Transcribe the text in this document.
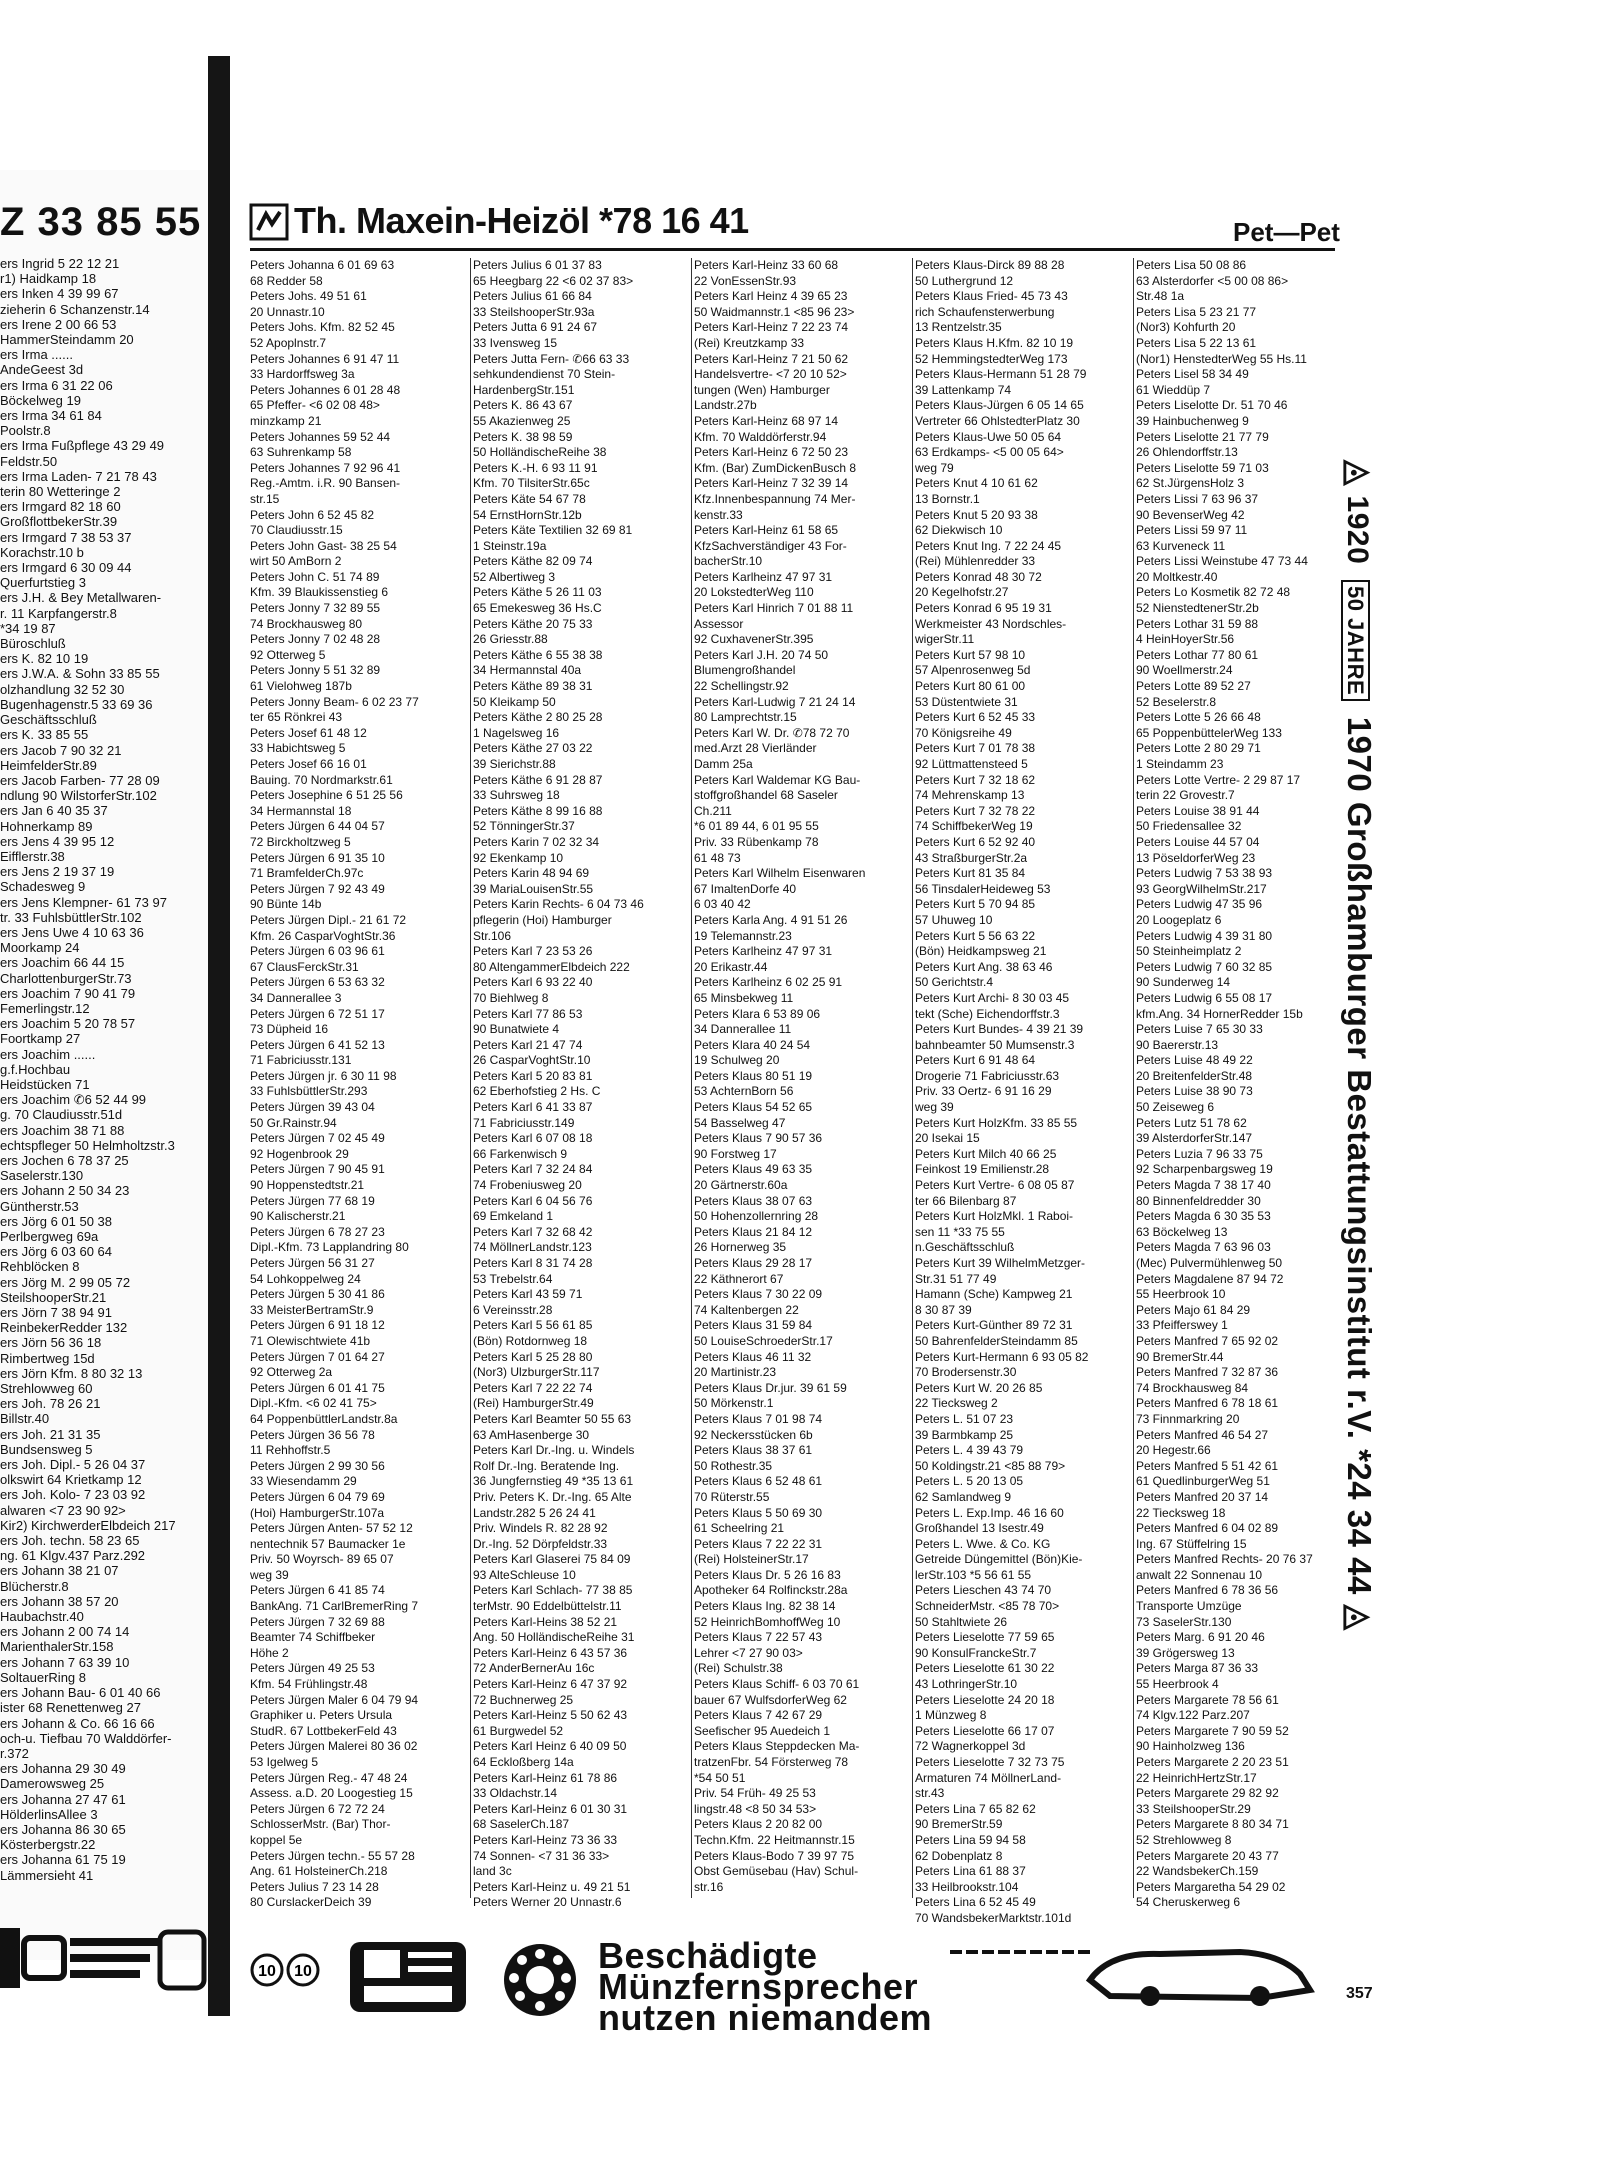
Z 33 85 55
ers Ingrid 5 22 12 21
r1) Haidkamp 18
ers Inken 4 39 99 67
zieherin 6 Schanzenstr.14
ers Irene 2 00 66 53
HammerSteindamm 20
ers Irma ......
AndeGeest 3d
ers Irma 6 31 22 06
Böckelweg 19
ers Irma 34 61 84
Poolstr.8
ers Irma Fußpflege 43 29 49
Feldstr.50
ers Irma Laden- 7 21 78 43
terin 80 Wetteringe 2
ers Irmgard 82 18 60
GroßflottbekerStr.39
ers Irmgard 7 38 53 37
Korachstr.10 b
ers Irmgard 6 30 09 44
Querfurtstieg 3
ers J.H. & Bey Metallwaren-
r. 11 Karpfangerstr.8
*34 19 87
Büroschluß
ers K. 82 10 19
ers J.W.A. & Sohn 33 85 55
olzhandlung 32 52 30
Bugenhagenstr.5 33 69 36
Geschäftsschluß
ers K. 33 85 55
ers Jacob 7 90 32 21
HeimfelderStr.89
ers Jacob Farben- 77 28 09
ndlung 90 WilstorferStr.102
ers Jan 6 40 35 37
Hohnerkamp 89
ers Jens 4 39 95 12
Eifflerstr.38
ers Jens 2 19 37 19
Schadesweg 9
ers Jens Klempner- 61 73 97
tr. 33 FuhlsbüttlerStr.102
ers Jens Uwe 4 10 63 36
Moorkamp 24
ers Joachim 66 44 15
CharlottenburgerStr.73
ers Joachim 7 90 41 79
Femerlingstr.12
ers Joachim 5 20 78 57
Foortkamp 27
ers Joachim ......
g.f.Hochbau
Heidstücken 71
ers Joachim ✆6 52 44 99
g. 70 Claudiusstr.51d
ers Joachim 38 71 88
echtspfleger 50 Helmholtzstr.3
ers Jochen 6 78 37 25
Saselerstr.130
ers Johann 2 50 34 23
Güntherstr.53
ers Jörg 6 01 50 38
Perlbergweg 69a
ers Jörg 6 03 60 64
Rehblöcken 8
ers Jörg M. 2 99 05 72
SteilshooperStr.21
ers Jörn 7 38 94 91
ReinbekerRedder 132
ers Jörn 56 36 18
Rimbertweg 15d
ers Jörn Kfm. 8 80 32 13
Strehlowweg 60
ers Joh. 78 26 21
Billstr.40
ers Joh. 21 31 35
Bundsensweg 5
ers Joh. Dipl.- 5 26 04 37
olkswirt 64 Krietkamp 12
ers Joh. Kolo- 7 23 03 92
alwaren <7 23 90 92>
Kir2) KirchwerderElbdeich 217
ers Joh. techn. 58 23 65
ng. 61 Klgv.437 Parz.292
ers Johann 38 21 07
Blücherstr.8
ers Johann 38 57 20
Haubachstr.40
ers Johann 2 00 74 14
MarienthalerStr.158
ers Johann 7 63 39 10
SoltauerRing 8
ers Johann Bau- 6 01 40 66
ister 68 Renettenweg 27
ers Johann & Co. 66 16 66
och-u. Tiefbau 70 Walddörfer-
r.372
ers Johanna 29 30 49
Damerowsweg 25
ers Johanna 27 47 61
HölderlinsAllee 3
ers Johanna 86 30 65
Kösterbergstr.22
ers Johanna 61 75 19
Lämmersieht 41
Th. Maxein-Heizöl *78 16 41	Pet—Pet
Peters Johanna 6 01 69 63
68 Redder 58
Peters Johs. 49 51 61
20 Unnastr.10
Peters Johs. Kfm. 82 52 45
52 Apoplnstr.7
Peters Johannes 6 91 47 11
33 Hardorffsweg 3a
Peters Johannes 6 01 28 48
65 Pfeffer- <6 02 08 48>
minzkamp 21
Peters Johannes 59 52 44
63 Suhrenkamp 58
Peters Johannes 7 92 96 41
Reg.-Amtm. i.R. 90 Bansen-
str.15
Peters John 6 52 45 82
70 Claudiusstr.15
Peters John Gast- 38 25 54
wirt 50 AmBorn 2
Peters John C. 51 74 89
Kfm. 39 Blaukissenstieg 6
Peters Jonny 7 32 89 55
74 Brockhausweg 80
Peters Jonny 7 02 48 28
92 Otterweg 5
Peters Jonny 5 51 32 89
61 Vielohweg 187b
Peters Jonny Beam- 6 02 23 77
ter 65 Rönkrei 43
Peters Josef 61 48 12
33 Habichtsweg 5
Peters Josef 66 16 01
Bauing. 70 Nordmarkstr.61
Peters Josephine 6 51 25 56
34 Hermannstal 18
Peters Jürgen 6 44 04 57
72 Birckholtzweg 5
Peters Jürgen 6 91 35 10
71 BramfelderCh.97c
Peters Jürgen 7 92 43 49
90 Bünte 14b
Peters Jürgen Dipl.- 21 61 72
Kfm. 26 CasparVoghtStr.36
Peters Jürgen 6 03 96 61
67 ClausFerckStr.31
Peters Jürgen 6 53 63 32
34 Dannerallee 3
Peters Jürgen 6 72 51 17
73 Düpheid 16
Peters Jürgen 6 41 52 13
71 Fabriciusstr.131
Peters Jürgen jr. 6 30 11 98
33 FuhlsbüttlerStr.293
Peters Jürgen 39 43 04
50 Gr.Rainstr.94
Peters Jürgen 7 02 45 49
92 Hogenbrook 29
Peters Jürgen 7 90 45 91
90 Hoppenstedtstr.21
Peters Jürgen 77 68 19
90 Kalischerstr.21
Peters Jürgen 6 78 27 23
Dipl.-Kfm. 73 Lapplandring 80
Peters Jürgen 56 31 27
54 Lohkoppelweg 24
Peters Jürgen 5 30 41 86
33 MeisterBertramStr.9
Peters Jürgen 6 91 18 12
71 Olewischtwiete 41b
Peters Jürgen 7 01 64 27
92 Otterweg 2a
Peters Jürgen 6 01 41 75
Dipl.-Kfm. <6 02 41 75>
64 PoppenbüttlerLandstr.8a
Peters Jürgen 36 56 78
11 Rehhoffstr.5
Peters Jürgen 2 99 30 56
33 Wiesendamm 29
Peters Jürgen 6 04 79 69
(Hoi) HamburgerStr.107a
Peters Jürgen Anten- 57 52 12
nentechnik 57 Baumacker 1e
Priv. 50 Woyrsch- 89 65 07
weg 39
Peters Jürgen 6 41 85 74
BankAng. 71 CarlBremerRing 7
Peters Jürgen 7 32 69 88
Beamter 74 Schiffbeker
Höhe 2
Peters Jürgen 49 25 53
Kfm. 54 Frühlingstr.48
Peters Jürgen Maler 6 04 79 94
Graphiker u. Peters Ursula
StudR. 67 LottbekerFeld 43
Peters Jürgen Malerei 80 36 02
53 Igelweg 5
Peters Jürgen Reg.- 47 48 24
Assess. a.D. 20 Loogestieg 15
Peters Jürgen 6 72 72 24
SchlosserMstr. (Bar) Thor-
koppel 5e
Peters Jürgen techn.- 55 57 28
Ang. 61 HolsteinerCh.218
Peters Julius 7 23 14 28
80 CurslackerDeich 39
Peters Julius 6 01 37 83
65 Heegbarg 22 <6 02 37 83>
Peters Julius 61 66 84
33 SteilshooperStr.93a
Peters Jutta 6 91 24 67
33 Ivensweg 15
Peters Jutta Fern- ✆66 63 33
sehkundendienst 70 Stein-
HardenbergStr.151
Peters K. 86 43 67
55 Akazienweg 25
Peters K. 38 98 59
50 HolländischeReihe 38
Peters K.-H. 6 93 11 91
Kfm. 70 TilsiterStr.65c
Peters Käte 54 67 78
54 ErnstHornStr.12b
Peters Käte Textilien 32 69 81
1 Steinstr.19a
Peters Käthe 82 09 74
52 Albertiweg 3
Peters Käthe 5 26 11 03
65 Emekesweg 36 Hs.C
Peters Käthe 20 75 33
26 Griesstr.88
Peters Käthe 6 55 38 38
34 Hermannstal 40a
Peters Käthe 89 38 31
50 Kleikamp 50
Peters Käthe 2 80 25 28
1 Nagelsweg 16
Peters Käthe 27 03 22
39 Sierichstr.88
Peters Käthe 6 91 28 87
33 Suhrsweg 18
Peters Käthe 8 99 16 88
52 TönningerStr.37
Peters Karin 7 02 32 34
92 Ekenkamp 10
Peters Karin 48 94 69
39 MariaLouisenStr.55
Peters Karin Rechts- 6 04 73 46
pflegerin (Hoi) Hamburger
Str.106
Peters Karl 7 23 53 26
80 AltengammerElbdeich 222
Peters Karl 6 93 22 40
70 Biehlweg 8
Peters Karl 77 86 53
90 Bunatwiete 4
Peters Karl 21 47 74
26 CasparVoghtStr.10
Peters Karl 5 20 83 81
62 Eberhofstieg 2 Hs. C
Peters Karl 6 41 33 87
71 Fabriciusstr.149
Peters Karl 6 07 08 18
66 Farkenwisch 9
Peters Karl 7 32 24 84
74 Frobeniusweg 20
Peters Karl 6 04 56 76
69 Emkeland 1
Peters Karl 7 32 68 42
74 MöllnerLandstr.123
Peters Karl 8 31 74 28
53 Trebelstr.64
Peters Karl 43 59 71
6 Vereinsstr.28
Peters Karl 5 56 61 85
(Bön) Rotdornweg 18
Peters Karl 5 25 28 80
(Nor3) UlzburgerStr.117
Peters Karl 7 22 22 74
(Rei) HamburgerStr.49
Peters Karl Beamter 50 55 63
63 AmHasenberge 30
Peters Karl Dr.-Ing. u. Windels
Rolf Dr.-Ing. Beratende Ing.
36 Jungfernstieg 49 *35 13 61
Priv. Peters K. Dr.-Ing. 65 Alte
Landstr.282 5 26 24 41
Priv. Windels R. 82 28 92
Dr.-Ing. 52 Dörpfeldstr.33
Peters Karl Glaserei 75 84 09
93 AlteSchleuse 10
Peters Karl Schlach- 77 38 85
terMstr. 90 Eddelbüttelstr.11
Peters Karl-Heins 38 52 21
Ang. 50 HolländischeReihe 31
Peters Karl-Heinz 6 43 57 36
72 AnderBernerAu 16c
Peters Karl-Heinz 6 47 37 92
72 Buchnerweg 25
Peters Karl-Heinz 5 50 62 43
61 Burgwedel 52
Peters Karl Heinz 6 40 09 50
64 Eckloßberg 14a
Peters Karl-Heinz 61 78 86
33 Oldachstr.14
Peters Karl-Heinz 6 01 30 31
68 SaselerCh.187
Peters Karl-Heinz 73 36 33
74 Sonnen- <7 31 36 33>
land 3c
Peters Karl-Heinz u. 49 21 51
Peters Werner 20 Unnastr.6
Peters Karl-Heinz 33 60 68
22 VonEssenStr.93
Peters Karl Heinz 4 39 65 23
50 Waidmannstr.1 <85 96 23>
Peters Karl-Heinz 7 22 23 74
(Rei) Kreutzkamp 33
Peters Karl-Heinz 7 21 50 62
Handelsvertre- <7 20 10 52>
tungen (Wen) Hamburger
Landstr.27b
Peters Karl-Heinz 68 97 14
Kfm. 70 Walddörferstr.94
Peters Karl-Heinz 6 72 50 23
Kfm. (Bar) ZumDickenBusch 8
Peters Karl-Heinz 7 32 39 14
Kfz.Innenbespannung 74 Mer-
kenstr.33
Peters Karl-Heinz 61 58 65
KfzSachverständiger 43 For-
bacherStr.10
Peters Karlheinz 47 97 31
20 LokstedterWeg 110
Peters Karl Hinrich 7 01 88 11
Assessor
92 CuxhavenerStr.395
Peters Karl J.H. 20 74 50
Blumengroßhandel
22 Schellingstr.92
Peters Karl-Ludwig 7 21 24 14
80 Lamprechtstr.15
Peters Karl W. Dr. ✆78 72 70
med.Arzt 28 Vierländer
Damm 25a
Peters Karl Waldemar KG Bau-
stoffgroßhandel 68 Saseler
Ch.211
*6 01 89 44, 6 01 95 55
Priv. 33 Rübenkamp 78
61 48 73
Peters Karl Wilhelm Eisenwaren
67 ImaltenDorfe 40
6 03 40 42
Peters Karla Ang. 4 91 51 26
19 Telemannstr.23
Peters Karlheinz 47 97 31
20 Erikastr.44
Peters Karlheinz 6 02 25 91
65 Minsbekweg 11
Peters Klara 6 53 89 06
34 Dannerallee 11
Peters Klara 40 24 54
19 Schulweg 20
Peters Klaus 80 51 19
53 AchternBorn 56
Peters Klaus 54 52 65
54 Basselweg 47
Peters Klaus 7 90 57 36
90 Forstweg 17
Peters Klaus 49 63 35
20 Gärtnerstr.60a
Peters Klaus 38 07 63
50 Hohenzollernring 28
Peters Klaus 21 84 12
26 Hornerweg 35
Peters Klaus 29 28 17
22 Käthnerort 67
Peters Klaus 7 30 22 09
74 Kaltenbergen 22
Peters Klaus 31 59 84
50 LouiseSchroederStr.17
Peters Klaus 46 11 32
20 Martinistr.23
Peters Klaus Dr.jur. 39 61 59
50 Mörkenstr.1
Peters Klaus 7 01 98 74
92 Neckersstücken 6b
Peters Klaus 38 37 61
50 Rothestr.35
Peters Klaus 6 52 48 61
70 Rüterstr.55
Peters Klaus 5 50 69 30
61 Scheelring 21
Peters Klaus 7 22 22 31
(Rei) HolsteinerStr.17
Peters Klaus Dr. 5 26 16 83
Apotheker 64 Rolfinckstr.28a
Peters Klaus Ing. 82 38 14
52 HeinrichBomhoffWeg 10
Peters Klaus 7 22 57 43
Lehrer <7 27 90 03>
(Rei) Schulstr.38
Peters Klaus Schiff- 6 03 70 61
bauer 67 WulfsdorferWeg 62
Peters Klaus 7 42 67 29
Seefischer 95 Auedeich 1
Peters Klaus Steppdecken Ma-
tratzenFbr. 54 Försterweg 78
*54 50 51
Priv. 54 Früh- 49 25 53
lingstr.48 <8 50 34 53>
Peters Klaus 2 20 82 00
Techn.Kfm. 22 Heitmannstr.15
Peters Klaus-Bodo 7 39 97 75
Obst Gemüsebau (Hav) Schul-
str.16
Peters Klaus-Dirck 89 88 28
50 Luthergrund 12
Peters Klaus Fried- 45 73 43
rich Schaufensterwerbung
13 Rentzelstr.35
Peters Klaus H.Kfm. 82 10 19
52 HemmingstedterWeg 173
Peters Klaus-Hermann 51 28 79
39 Lattenkamp 74
Peters Klaus-Jürgen 6 05 14 65
Vertreter 66 OhlstedterPlatz 30
Peters Klaus-Uwe 50 05 64
63 Erdkamps- <5 00 05 64>
weg 79
Peters Knut 4 10 61 62
13 Bornstr.1
Peters Knut 5 20 93 38
62 Diekwisch 10
Peters Knut Ing. 7 22 24 45
(Rei) Mühlenredder 33
Peters Konrad 48 30 72
20 Kegelhofstr.27
Peters Konrad 6 95 19 31
Werkmeister 43 Nordschles-
wigerStr.11
Peters Kurt 57 98 10
57 Alpenrosenweg 5d
Peters Kurt 80 61 00
53 Düstentwiete 31
Peters Kurt 6 52 45 33
70 Königsreihe 49
Peters Kurt 7 01 78 38
92 Lüttmattensteed 5
Peters Kurt 7 32 18 62
74 Mehrenskamp 13
Peters Kurt 7 32 78 22
74 SchiffbekerWeg 19
Peters Kurt 6 52 92 40
43 StraßburgerStr.2a
Peters Kurt 81 35 84
56 TinsdalerHeideweg 53
Peters Kurt 5 70 94 85
57 Uhuweg 10
Peters Kurt 5 56 63 22
(Bön) Heidkampsweg 21
Peters Kurt Ang. 38 63 46
50 Gerichtstr.4
Peters Kurt Archi- 8 30 03 45
tekt (Sche) Eichendorffstr.3
Peters Kurt Bundes- 4 39 21 39
bahnbeamter 50 Mumsenstr.3
Peters Kurt 6 91 48 64
Drogerie 71 Fabriciusstr.63
Priv. 33 Oertz- 6 91 16 29
weg 39
Peters Kurt HolzKfm. 33 85 55
20 Isekai 15
Peters Kurt Milch 40 66 25
Feinkost 19 Emilienstr.28
Peters Kurt Vertre- 6 08 05 87
ter 66 Bilenbarg 87
Peters Kurt HolzMkl. 1 Raboi-
sen 11 *33 75 55
n.Geschäftsschluß
Peters Kurt 39 WilhelmMetzger-
Str.31 51 77 49
Hamann (Sche) Kampweg 21
8 30 87 39
Peters Kurt-Günther 89 72 31
50 BahrenfelderSteindamm 85
Peters Kurt-Hermann 6 93 05 82
70 Brodersenstr.30
Peters Kurt W. 20 26 85
22 Tiecksweg 2
Peters L. 51 07 23
39 Barmbkamp 25
Peters L. 4 39 43 79
50 Koldingstr.21 <85 88 79>
Peters L. 5 20 13 05
62 Samlandweg 9
Peters L. Exp.Imp. 46 16 60
Großhandel 13 Isestr.49
Peters L. Wwe. & Co. KG
Getreide Düngemittel (Bön)Kie-
lerStr.103 *5 56 61 55
Peters Lieschen 43 74 70
SchneiderMstr. <85 78 70>
50 Stahltwiete 26
Peters Lieselotte 77 59 65
90 KonsulFranckeStr.7
Peters Lieselotte 61 30 22
43 LothringerStr.10
Peters Lieselotte 24 20 18
1 Münzweg 8
Peters Lieselotte 66 17 07
72 Wagnerkoppel 3d
Peters Lieselotte 7 32 73 75
Armaturen 74 MöllnerLand-
str.43
Peters Lina 7 65 82 62
90 BremerStr.59
Peters Lina 59 94 58
62 Dobenplatz 8
Peters Lina 61 88 37
33 Heilbrookstr.104
Peters Lina 6 52 45 49
70 WandsbekerMarktstr.101d
Peters Lisa 50 08 86
63 Alsterdorfer <5 00 08 86>
Str.48 1a
Peters Lisa 5 23 21 77
(Nor3) Kohfurth 20
Peters Lisa 5 22 13 61
(Nor1) HenstedterWeg 55 Hs.11
Peters Lisel 58 34 49
61 Wieddüp 7
Peters Liselotte Dr. 51 70 46
39 Hainbuchenweg 9
Peters Liselotte 21 77 79
26 Ohlendorffstr.13
Peters Liselotte 59 71 03
62 St.JürgensHolz 3
Peters Lissi 7 63 96 37
90 BevenserWeg 42
Peters Lissi 59 97 11
63 Kurveneck 11
Peters Lissi Weinstube 47 73 44
20 Moltkestr.40
Peters Lo Kosmetik 82 72 48
52 NienstedtenerStr.2b
Peters Lothar 31 59 88
4 HeinHoyerStr.56
Peters Lothar 77 80 61
90 Woellmerstr.24
Peters Lotte 89 52 27
52 Beselerstr.8
Peters Lotte 5 26 66 48
65 PoppenbüttelerWeg 133
Peters Lotte 2 80 29 71
1 Steindamm 23
Peters Lotte Vertre- 2 29 87 17
terin 22 Grovestr.7
Peters Louise 38 91 44
50 Friedensallee 32
Peters Louise 44 57 04
13 PöseldorferWeg 23
Peters Ludwig 7 53 38 93
93 GeorgWilhelmStr.217
Peters Ludwig 47 35 96
20 Loogeplatz 6
Peters Ludwig 4 39 31 80
50 Steinheimplatz 2
Peters Ludwig 7 60 32 85
90 Sunderweg 14
Peters Ludwig 6 55 08 17
kfm.Ang. 34 HornerRedder 15b
Peters Luise 7 65 30 33
90 Baererstr.13
Peters Luise 48 49 22
20 BreitenfelderStr.48
Peters Luise 38 90 73
50 Zeiseweg 6
Peters Lutz 51 78 62
39 AlsterdorferStr.147
Peters Luzia 7 96 33 75
92 Scharpenbargsweg 19
Peters Magda 7 38 17 40
80 Binnenfeldredder 30
Peters Magda 6 30 35 53
63 Böckelweg 13
Peters Magda 7 63 96 03
(Mec) Pulvermühlenweg 50
Peters Magdalene 87 94 72
55 Heerbrook 10
Peters Majo 61 84 29
33 Pfeifferswey 1
Peters Manfred 7 65 92 02
90 BremerStr.44
Peters Manfred 7 32 87 36
74 Brockhausweg 84
Peters Manfred 6 78 18 61
73 Finnmarkring 20
Peters Manfred 46 54 27
20 Hegestr.66
Peters Manfred 5 51 42 61
61 QuedlinburgerWeg 51
Peters Manfred 20 37 14
22 Tiecksweg 18
Peters Manfred 6 04 02 89
Ing. 67 Stüffelring 15
Peters Manfred Rechts- 20 76 37
anwalt 22 Sonnenau 10
Peters Manfred 6 78 36 56
Transporte Umzüge
73 SaselerStr.130
Peters Marg. 6 91 20 46
39 Grögersweg 13
Peters Marga 87 36 33
55 Heerbrook 4
Peters Margarete 78 56 61
74 Klgv.122 Parz.207
Peters Margarete 7 90 59 52
90 Hainholzweg 136
Peters Margarete 2 20 23 51
22 HeinrichHertzStr.17
Peters Margarete 29 82 92
33 SteilshooperStr.29
Peters Margarete 8 80 34 71
52 Strehlowweg 8
Peters Margarete 20 43 77
22 WandsbekerCh.159
Peters Margaretha 54 29 02
54 Cheruskerweg 6
◬ 1920 50 JAHRE 1970 Großhamburger Bestattungsinstitut r.V. *24 34 44 ◬
10 10	Beschädigte
Münzfernsprecher
nutzen niemandem
357
